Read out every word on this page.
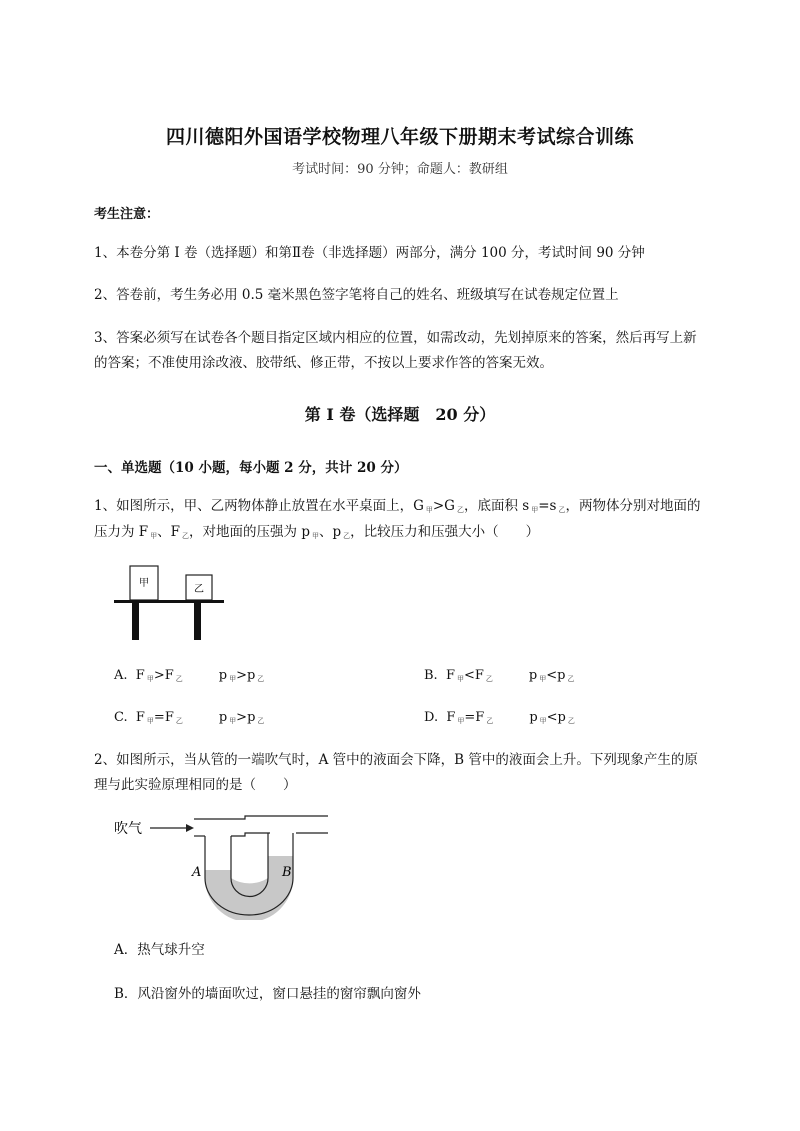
四川德阳外国语学校物理八年级下册期末考试综合训练
考试时间：90 分钟；命题人：教研组
考生注意：
1、本卷分第 I 卷（选择题）和第Ⅱ卷（非选择题）两部分，满分 100 分，考试时间 90 分钟
2、答卷前，考生务必用 0.5 毫米黑色签字笔将自己的姓名、班级填写在试卷规定位置上
3、答案必须写在试卷各个题目指定区域内相应的位置，如需改动，先划掉原来的答案，然后再写上新
的答案；不准使用涂改液、胶带纸、修正带，不按以上要求作答的答案无效。
第 I 卷（选择题　20 分）
一、单选题（10 小题，每小题 2 分，共计 20 分）
1、如图所示，甲、乙两物体静止放置在水平桌面上，G $_甲$>G $_乙$，底面积 s $_甲$=s $_乙$，两物体分别对地面的
压力为 F $_甲$、F $_乙$，对地面的压强为 p $_甲$、p $_乙$，比较压力和压强大小（　　）
甲
乙
A. F $_甲$>F $_乙$	p $_甲$>p $_乙$	B. F $_甲$<F $_乙$	p $_甲$<p $_乙$
C. F $_甲$=F $_乙$	p $_甲$>p $_乙$	D. F $_甲$=F $_乙$	p $_甲$<p $_乙$
2、如图所示，当从管的一端吹气时，A 管中的液面会下降，B 管中的液面会上升。下列现象产生的原
理与此实验原理相同的是（　　）
吹气
A	B
A．热气球升空
B．风沿窗外的墙面吹过，窗口悬挂的窗帘飘向窗外
